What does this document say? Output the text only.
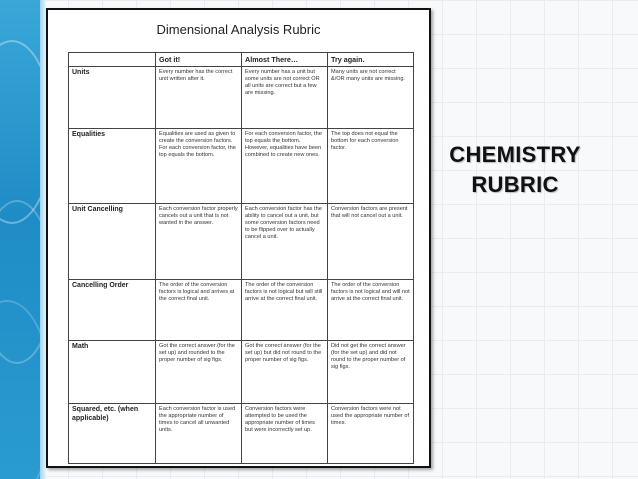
Dimensional Analysis Rubric
	Got it!	Almost There…	Try again.
Units	Every number has the correct unit written after it.	Every number has a unit but some units are not correct OR all units are correct but a few are missing.	Many units are not correct &/OR many units are missing.
Equalities	Equalities are used as given to create the conversion factors. For each conversion factor, the top equals the bottom.	For each conversion factor, the top equals the bottom. However, equalities have been combined to create new ones.	The top does not equal the bottom for each conversion factor.
Unit Cancelling	Each conversion factor properly cancels out a unit that is not wanted in the answer.	Each conversion factor has the ability to cancel out a unit, but some conversion factors need to be flipped over to actually cancel a unit.	Conversion factors are present that will not cancel out a unit.
Cancelling Order	The order of the conversion factors is logical and arrives at the correct final unit.	The order of the conversion factors is not logical but will still arrive at the correct final unit.	The order of the conversion factors is not logical and will not arrive at the correct final unit.
Math	Got the correct answer (for the set up) and rounded to the proper number of sig figs.	Got the correct answer (for the set up) but did not round to the proper number of sig figs.	Did not get the correct answer (for the set up) and did not round to the proper number of sig figs.
Squared, etc. (when applicable)	Each conversion factor is used the appropriate number of times to cancel all unwanted units.	Conversion factors were attempted to be used the appropriate number of times but were incorrectly set up.	Conversion factors were not used the appropriate number of times.
CHEMISTRY
RUBRIC
